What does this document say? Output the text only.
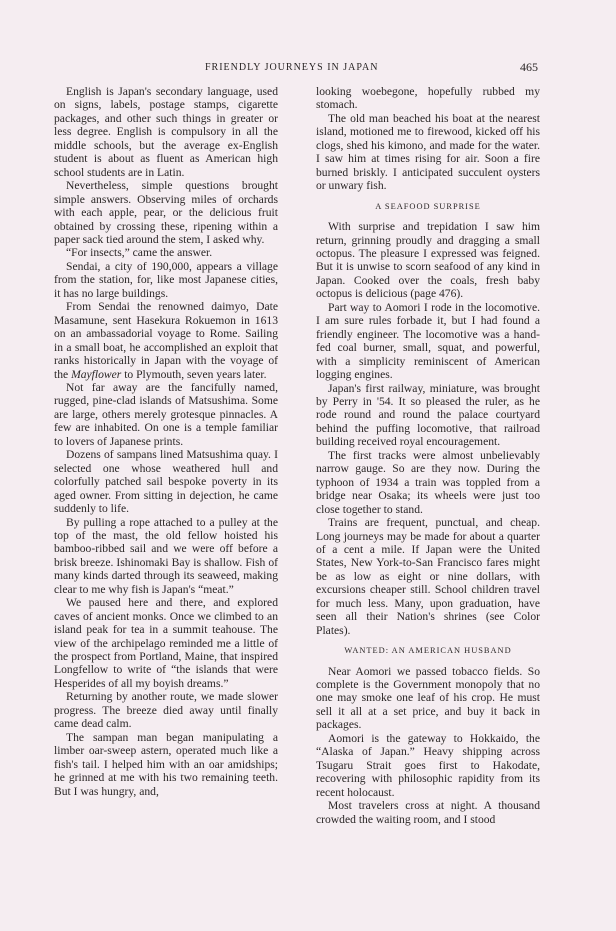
FRIENDLY JOURNEYS IN JAPAN	465

English is Japan's secondary language, used on signs, labels, postage stamps, cigarette packages, and other such things in greater or less degree. English is compulsory in all the middle schools, but the average ex-English student is about as fluent as American high school students are in Latin.

Nevertheless, simple questions brought simple answers. Observing miles of orchards with each apple, pear, or the delicious fruit obtained by crossing these, ripening within a paper sack tied around the stem, I asked why.

“For insects,” came the answer.

Sendai, a city of 190,000, appears a village from the station, for, like most Japanese cities, it has no large buildings.

From Sendai the renowned daimyo, Date Masamune, sent Hasekura Rokuemon in 1613 on an ambassadorial voyage to Rome. Sailing in a small boat, he accomplished an exploit that ranks historically in Japan with the voyage of the Mayflower to Plymouth, seven years later.

Not far away are the fancifully named, rugged, pine-clad islands of Matsushima. Some are large, others merely grotesque pinnacles. A few are inhabited. On one is a temple familiar to lovers of Japanese prints.

Dozens of sampans lined Matsushima quay. I selected one whose weathered hull and colorfully patched sail bespoke poverty in its aged owner. From sitting in dejection, he came suddenly to life.

By pulling a rope attached to a pulley at the top of the mast, the old fellow hoisted his bamboo-ribbed sail and we were off before a brisk breeze. Ishinomaki Bay is shallow. Fish of many kinds darted through its seaweed, making clear to me why fish is Japan's “meat.”

We paused here and there, and explored caves of ancient monks. Once we climbed to an island peak for tea in a summit teahouse. The view of the archipelago reminded me a little of the prospect from Portland, Maine, that inspired Longfellow to write of “the islands that were Hesperides of all my boyish dreams.”

Returning by another route, we made slower progress. The breeze died away until finally came dead calm.

The sampan man began manipulating a limber oar-sweep astern, operated much like a fish's tail. I helped him with an oar amidships; he grinned at me with his two remaining teeth. But I was hungry, and,

looking woebegone, hopefully rubbed my stomach.

The old man beached his boat at the nearest island, motioned me to firewood, kicked off his clogs, shed his kimono, and made for the water. I saw him at times rising for air. Soon a fire burned briskly. I anticipated succulent oysters or unwary fish.

A SEAFOOD SURPRISE

With surprise and trepidation I saw him return, grinning proudly and dragging a small octopus. The pleasure I expressed was feigned. But it is unwise to scorn seafood of any kind in Japan. Cooked over the coals, fresh baby octopus is delicious (page 476).

Part way to Aomori I rode in the locomotive. I am sure rules forbade it, but I had found a friendly engineer. The locomotive was a hand-fed coal burner, small, squat, and powerful, with a simplicity reminiscent of American logging engines.

Japan's first railway, miniature, was brought by Perry in '54. It so pleased the ruler, as he rode round and round the palace courtyard behind the puffing locomotive, that railroad building received royal encouragement.

The first tracks were almost unbelievably narrow gauge. So are they now. During the typhoon of 1934 a train was toppled from a bridge near Osaka; its wheels were just too close together to stand.

Trains are frequent, punctual, and cheap. Long journeys may be made for about a quarter of a cent a mile. If Japan were the United States, New York-to-San Francisco fares might be as low as eight or nine dollars, with excursions cheaper still. School children travel for much less. Many, upon graduation, have seen all their Nation's shrines (see Color Plates).

WANTED: AN AMERICAN HUSBAND

Near Aomori we passed tobacco fields. So complete is the Government monopoly that no one may smoke one leaf of his crop. He must sell it all at a set price, and buy it back in packages.

Aomori is the gateway to Hokkaido, the “Alaska of Japan.” Heavy shipping across Tsugaru Strait goes first to Hakodate, recovering with philosophic rapidity from its recent holocaust.

Most travelers cross at night. A thousand crowded the waiting room, and I stood
